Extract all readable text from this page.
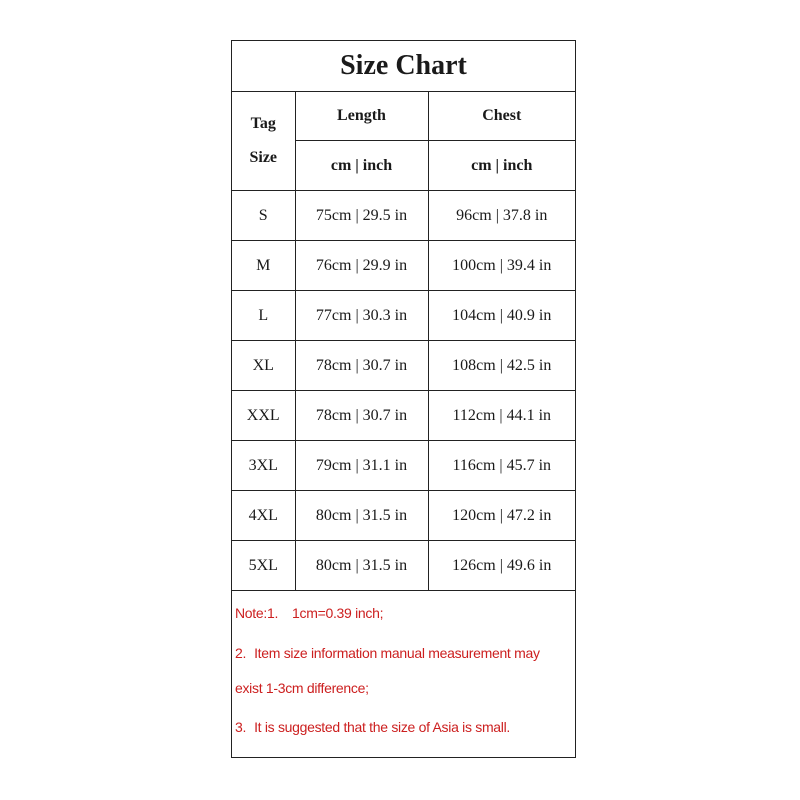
Size Chart
Tag
Size	Length	Chest
	cm | inch	cm | inch
S	75cm | 29.5 in	96cm | 37.8 in
M	76cm | 29.9 in	100cm | 39.4 in
L	77cm | 30.3 in	104cm | 40.9 in
XL	78cm | 30.7 in	108cm | 42.5 in
XXL	78cm | 30.7 in	112cm | 44.1 in
3XL	79cm | 31.1 in	116cm | 45.7 in
4XL	80cm | 31.5 in	120cm | 47.2 in
5XL	80cm | 31.5 in	126cm | 49.6 in
Note:1. 1cm=0.39 inch;
2. Item size information manual measurement may
exist 1-3cm difference;
3. It is suggested that the size of Asia is small.
